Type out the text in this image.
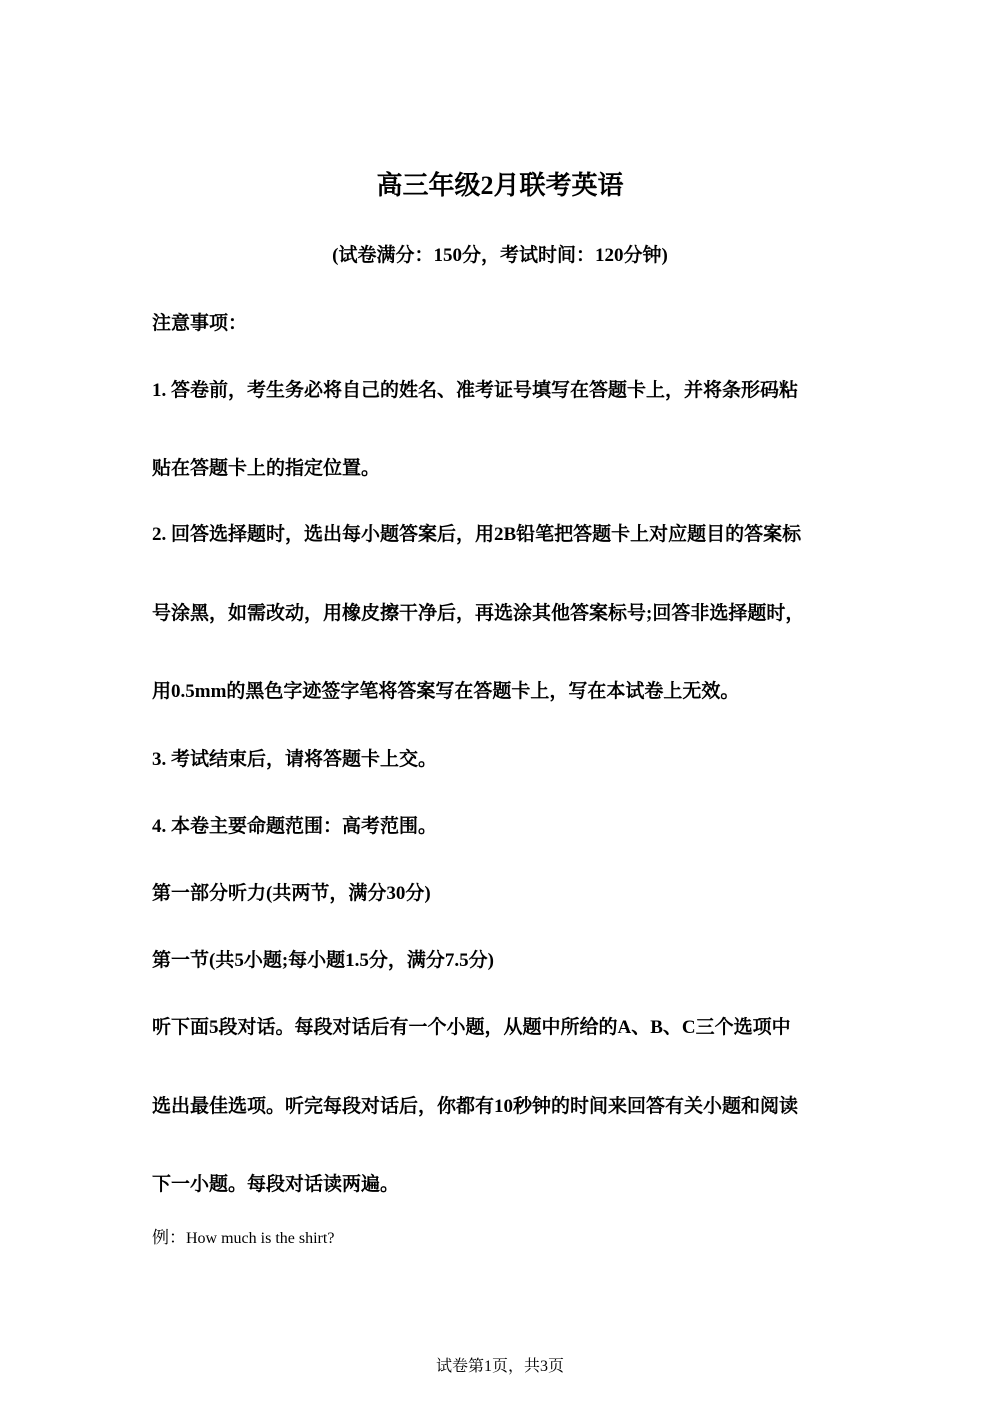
高三年级2月联考英语
(试卷满分：150分，考试时间：120分钟)
注意事项：
1. 答卷前，考生务必将自己的姓名、准考证号填写在答题卡上，并将条形码粘
贴在答题卡上的指定位置。
2. 回答选择题时，选出每小题答案后，用2B铅笔把答题卡上对应题目的答案标
号涂黑，如需改动，用橡皮擦干净后，再选涂其他答案标号;回答非选择题时，
用0.5mm的黑色字迹签字笔将答案写在答题卡上，写在本试卷上无效。
3. 考试结束后，请将答题卡上交。
4. 本卷主要命题范围：高考范围。
第一部分听力(共两节，满分30分)
第一节(共5小题;每小题1.5分，满分7.5分)
听下面5段对话。每段对话后有一个小题，从题中所给的A、B、C三个选项中
选出最佳选项。听完每段对话后，你都有10秒钟的时间来回答有关小题和阅读
下一小题。每段对话读两遍。
例：How much is the shirt?
试卷第1页，共3页
